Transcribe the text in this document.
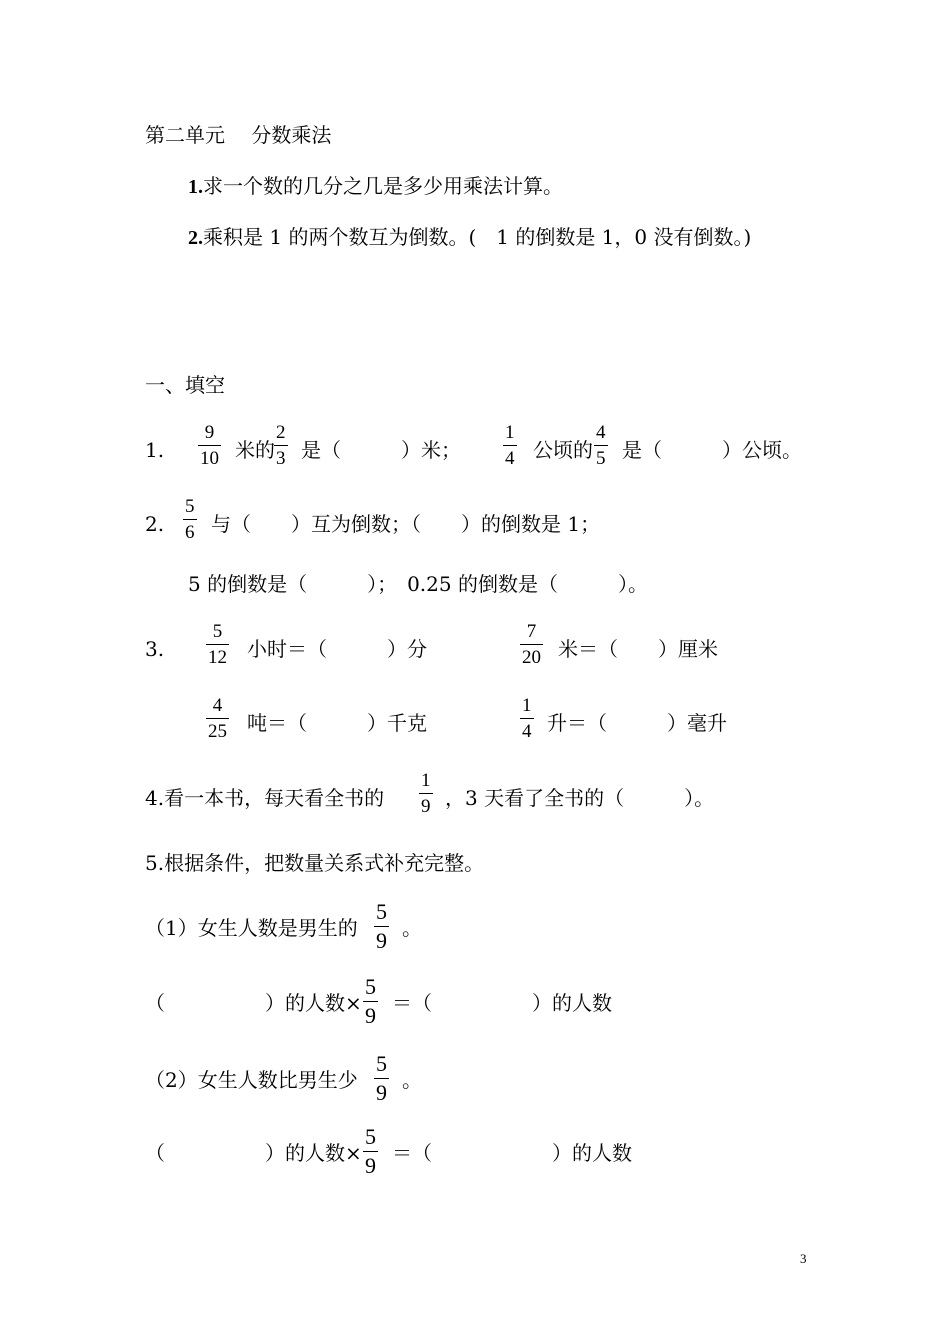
第二单元　 分数乘法
1.求一个数的几分之几是多少用乘法计算。
2.乘积是 1 的两个数互为倒数。(　1 的倒数是 1，0 没有倒数。)
一、填空
1.
9
10 米的
2
3 是（　　　）米；
1
4 公顷的
4
5 是（　　　）公顷。
2.
5
6 与（　　）互为倒数；（　　）的倒数是 1；
5 的倒数是（　　　）；　0.25 的倒数是（　　　）。
3.
5
12 小时＝（　　　）分
7
20 米＝（　　）厘米
4
25 吨＝（　　　）千克
1
4 升＝（　　　）毫升
4.看一本书，每天看全书的
1
9 ，3 天看了全书的（　　　）。
5.根据条件，把数量关系式补充完整。
（1）女生人数是男生的
5
9 。
（　　　　　）的人数×
5
9 ＝（　　　　　）的人数
（2）女生人数比男生少
5
9 。
（　　　　　）的人数×
5
9 ＝（　　　　　　）的人数
3
